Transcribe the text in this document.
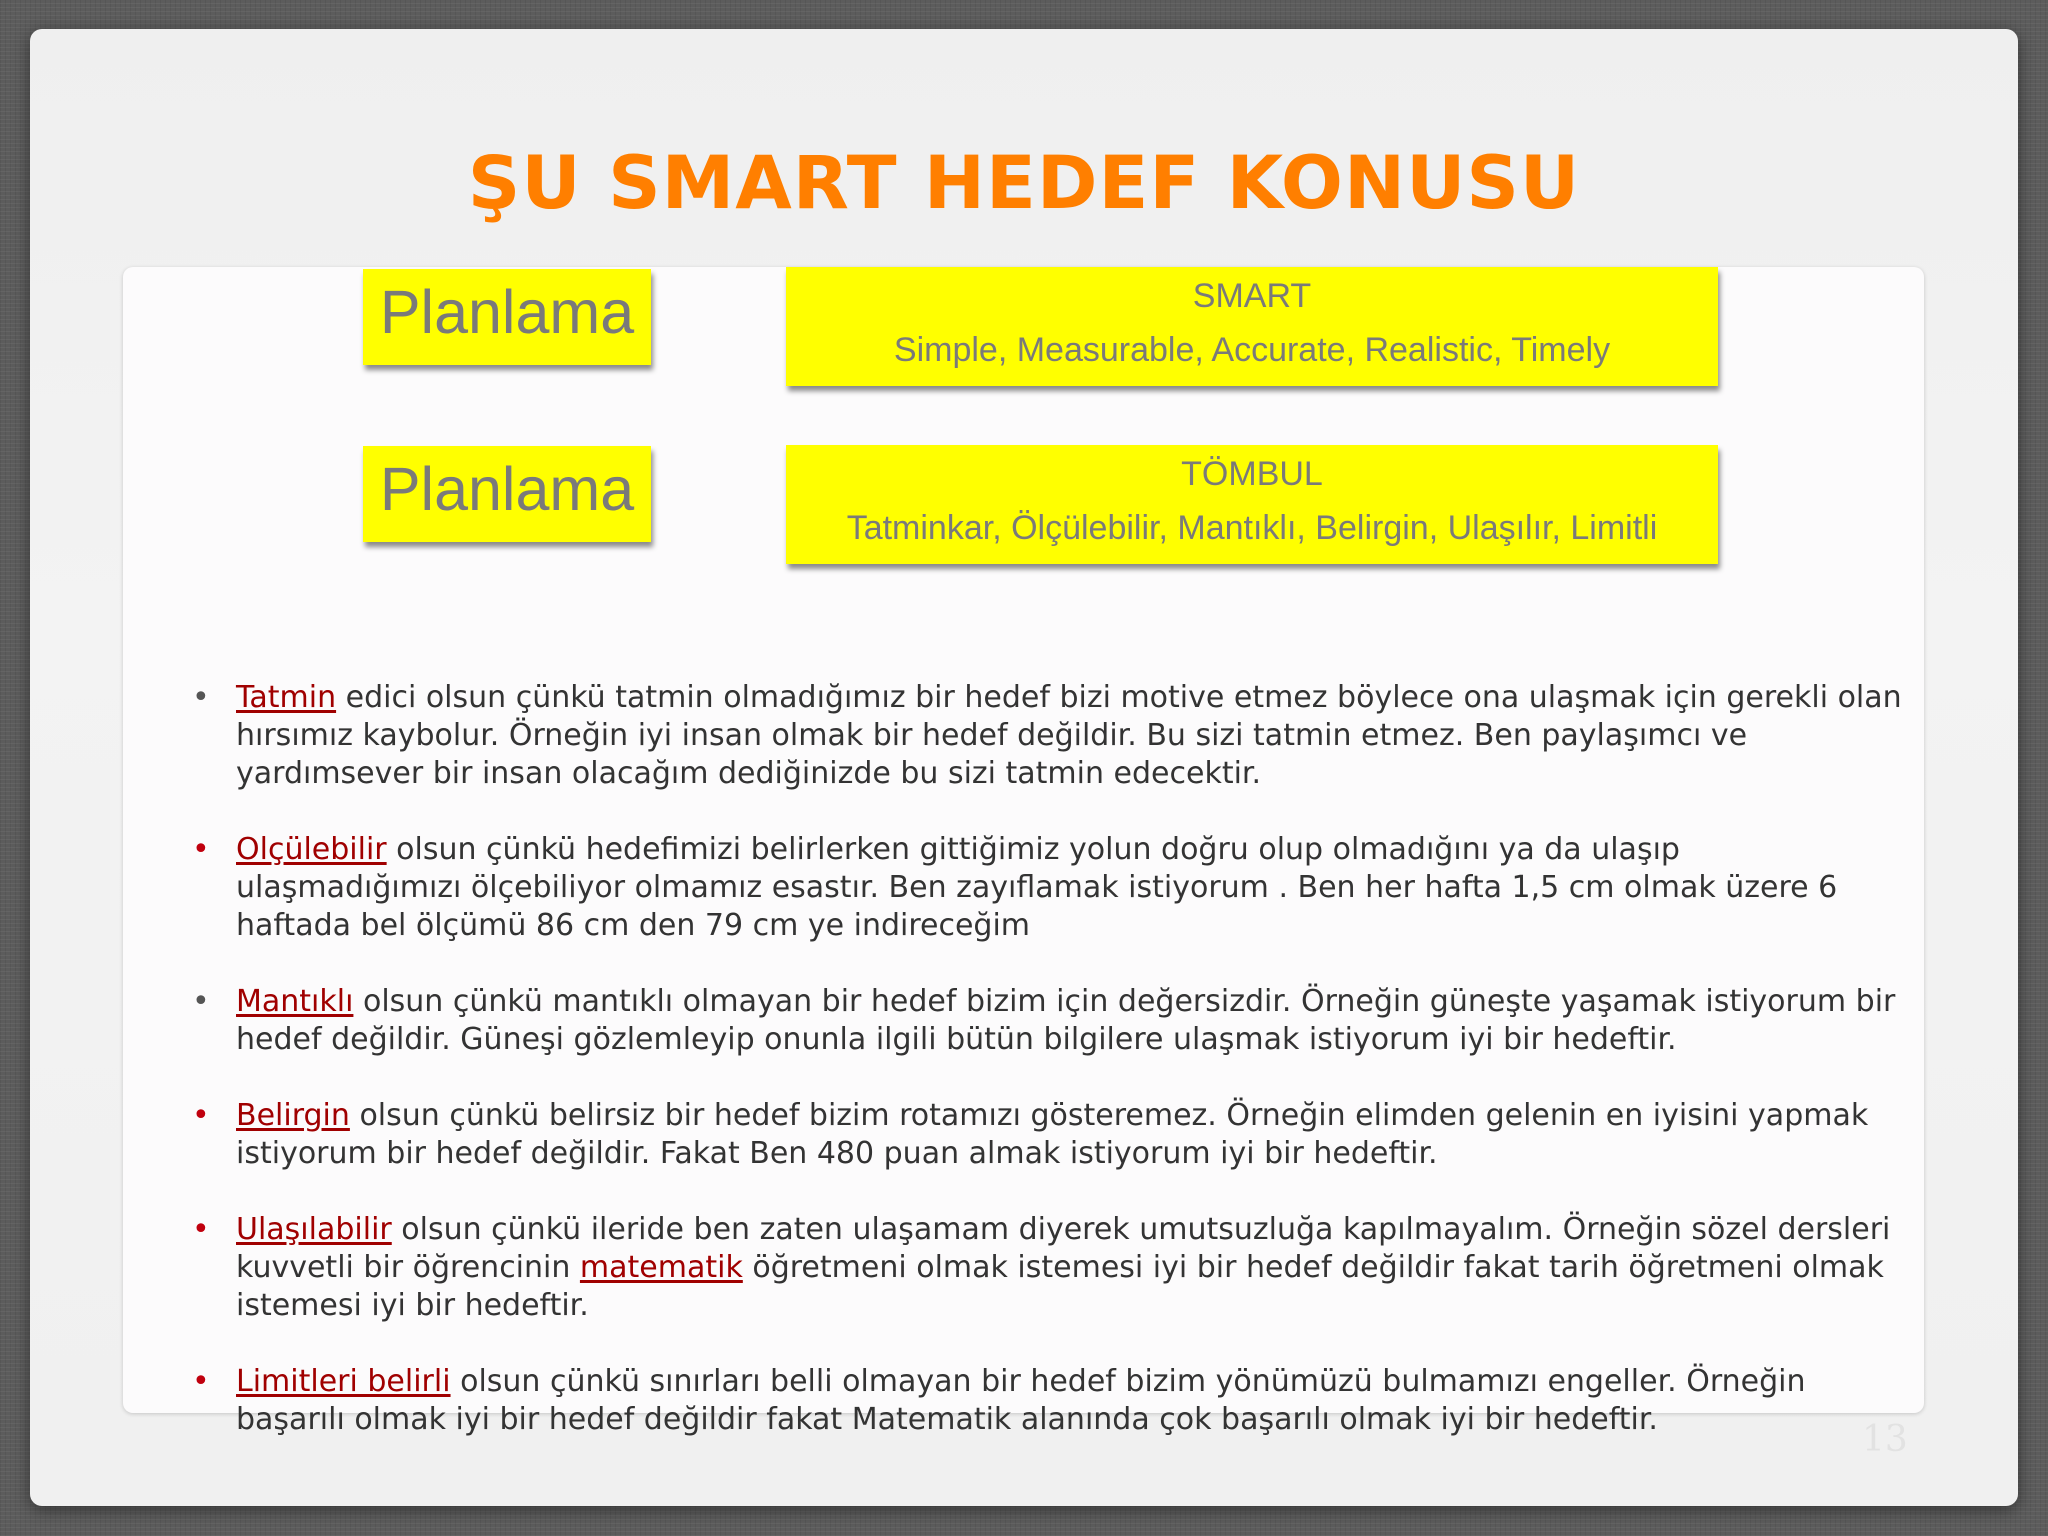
ŞU SMART HEDEF KONUSU
Planlama	SMART
Simple, Measurable, Accurate, Realistic, Timely
Planlama	TÖMBUL
Tatminkar, Ölçülebilir, Mantıklı, Belirgin, Ulaşılır, Limitli
• Tatmin edici olsun çünkü tatmin olmadığımız bir hedef bizi motive etmez böylece ona ulaşmak için gerekli olan hırsımız kaybolur. Örneğin iyi insan olmak bir hedef değildir. Bu sizi tatmin etmez. Ben paylaşımcı ve yardımsever bir insan olacağım dediğinizde bu sizi tatmin edecektir.
• Olçülebilir olsun çünkü hedefimizi belirlerken gittiğimiz yolun doğru olup olmadığını ya da ulaşıp ulaşmadığımızı ölçebiliyor olmamız esastır. Ben zayıflamak istiyorum . Ben her hafta 1,5 cm olmak üzere 6 haftada bel ölçümü 86 cm den 79 cm ye indireceğim
• Mantıklı olsun çünkü mantıklı olmayan bir hedef bizim için değersizdir. Örneğin güneşte yaşamak istiyorum bir hedef değildir. Güneşi gözlemleyip onunla ilgili bütün bilgilere ulaşmak istiyorum iyi bir hedeftir.
• Belirgin olsun çünkü belirsiz bir hedef bizim rotamızı gösteremez. Örneğin elimden gelenin en iyisini yapmak istiyorum bir hedef değildir. Fakat Ben 480 puan almak istiyorum iyi bir hedeftir.
• Ulaşılabilir olsun çünkü ileride ben zaten ulaşamam diyerek umutsuzluğa kapılmayalım. Örneğin sözel dersleri kuvvetli bir öğrencinin matematik öğretmeni olmak istemesi iyi bir hedef değildir fakat tarih öğretmeni olmak istemesi iyi bir hedeftir.
• Limitleri belirli olsun çünkü sınırları belli olmayan bir hedef bizim yönümüzü bulmamızı engeller. Örneğin başarılı olmak iyi bir hedef değildir fakat Matematik alanında çok başarılı olmak iyi bir hedeftir.	13
